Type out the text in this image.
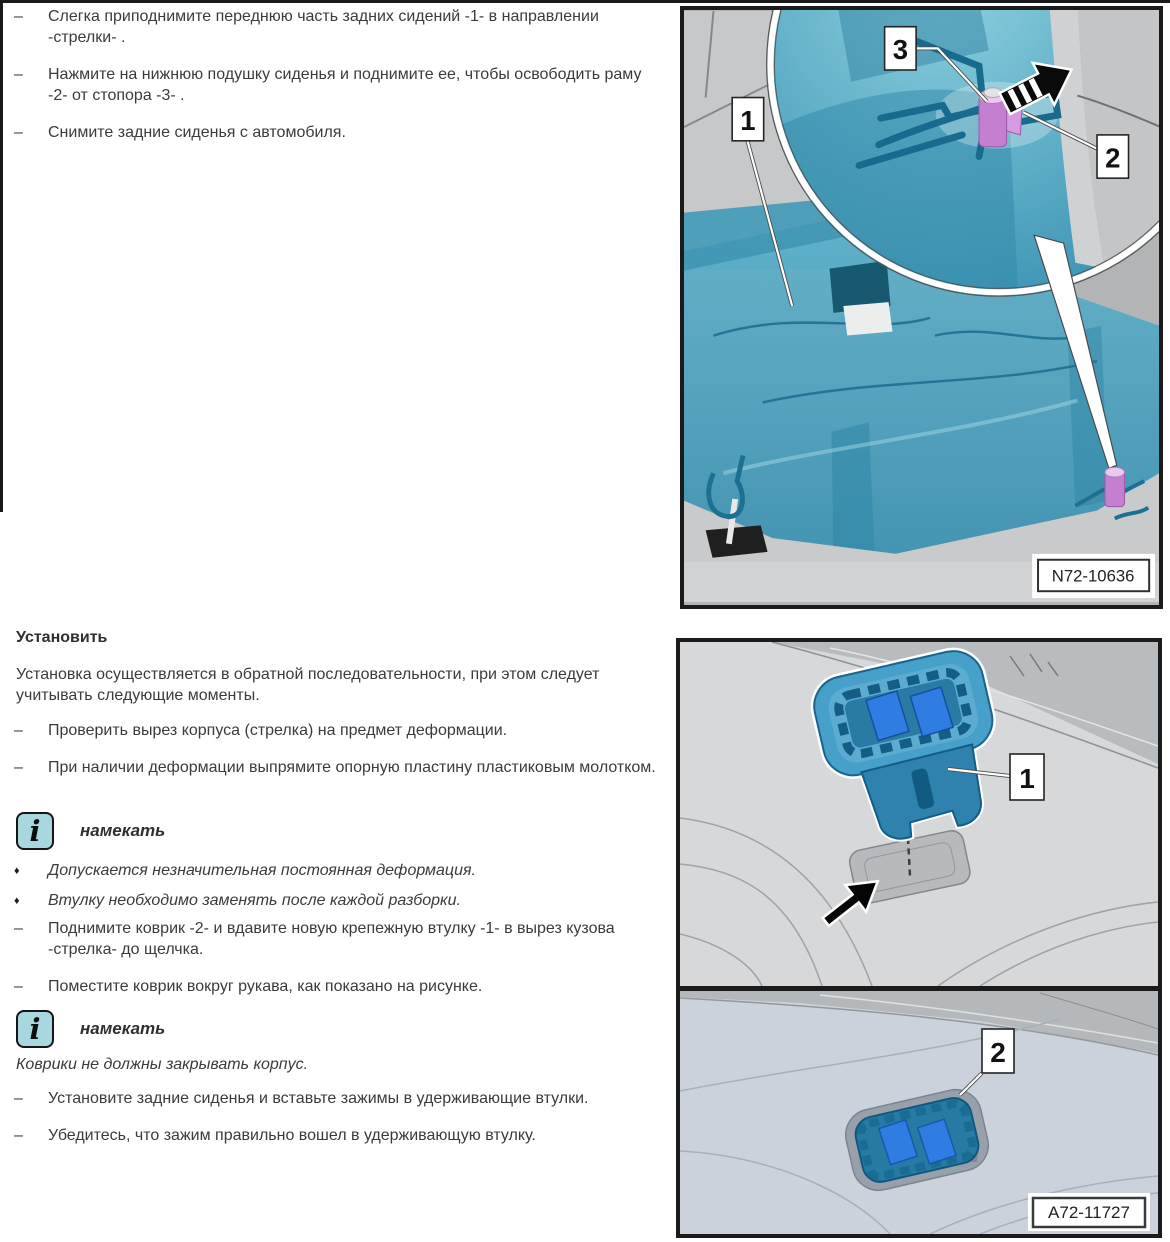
–	Слегка приподнимите переднюю часть задних сидений -1- в направлении -стрелки- .
–	Нажмите на нижнюю подушку сиденья и поднимите ее, чтобы освободить раму -2- от стопора -3- .
–	Снимите задние сиденья с автомобиля.
Установить
Установка осуществляется в обратной последовательности, при этом следует учитывать следующие моменты.
–	Проверить вырез корпуса (стрелка) на предмет деформации.
–	При наличии деформации выпрямите опорную пластину пластиковым молотком.
i намекать
♦	Допускается незначительная постоянная деформация.
♦	Втулку необходимо заменять после каждой разборки.
–	Поднимите коврик -2- и вдавите новую крепежную втулку -1- в вырез кузова -стрелка- до щелчка.
–	Поместите коврик вокруг рукава, как показано на рисунке.
i намекать
Коврики не должны закрывать корпус.
–	Установите задние сиденья и вставьте зажимы в удерживающие втулки.
–	Убедитесь, что зажим правильно вошел в удерживающую втулку.
1
3
2
N72-10636
1
2
A72-11727
